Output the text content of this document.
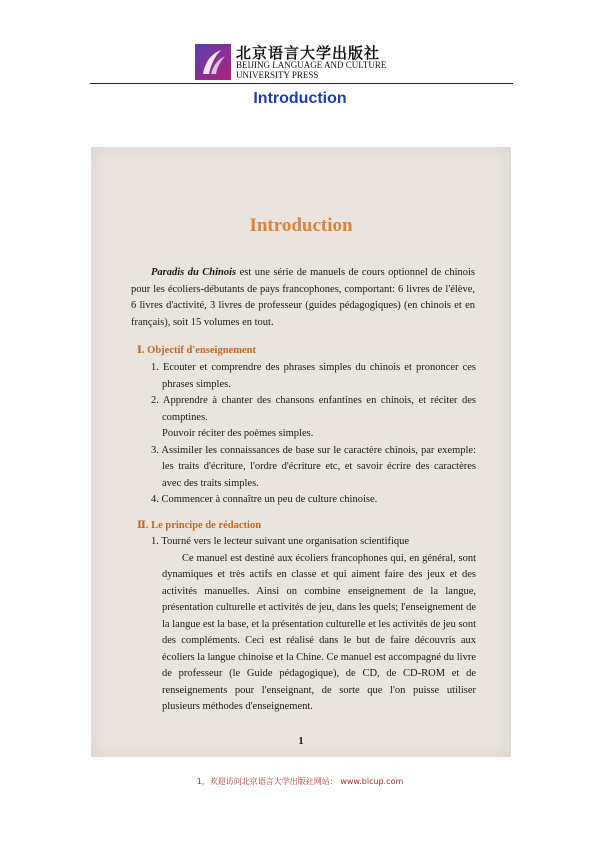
北京语言大学出版社
BEIJING LANGUAGE AND CULTURE
UNIVERSITY PRESS
Introduction
Introduction

Paradis du Chinois est une série de manuels de cours optionnel de chinois pour les écoliers-débutants de pays francophones, comportant: 6 livres de l'élève, 6 livres d'activité, 3 livres de professeur (guides pédagogiques) (en chinois et en français), soit 15 volumes en tout.

Ⅰ. Objectif d'enseignement

1. Ecouter et comprendre des phrases simples du chinois et prononcer ces phrases simples.

2. Apprendre à chanter des chansons enfantines en chinois, et réciter des comptines.

Pouvoir réciter des poèmes simples.

3. Assimiler les connaissances de base sur le caractère chinois, par exemple: les traits d'écriture, l'ordre d'écriture etc, et savoir écrire des caractères avec des traits simples.

4. Commencer à connaître un peu de culture chinoise.

Ⅱ. Le principe de rédaction

1. Tourné vers le lecteur suivant une organisation scientifique

Ce manuel est destiné aux écoliers francophones qui, en général, sont dynamiques et très actifs en classe et qui aiment faire des jeux et des activités manuelles. Ainsi on combine enseignement de la langue, présentation culturelle et activités de jeu, dans les quels; l'enseignement de la langue est la base, et la présentation culturelle et les activités de jeu sont des compléments. Ceci est réalisé dans le but de faire découvris aux écoliers la langue chinoise et la Chine. Ce manuel est accompagné du livre de professeur (le Guide pédagogique), de CD, de CD-ROM et de renseignements pour l'enseignant, de sorte que l'on puisse utiliser plusieurs méthodes d'enseignement.

1
1，欢迎访问北京语言大学出版社网站： www.blcup.com
